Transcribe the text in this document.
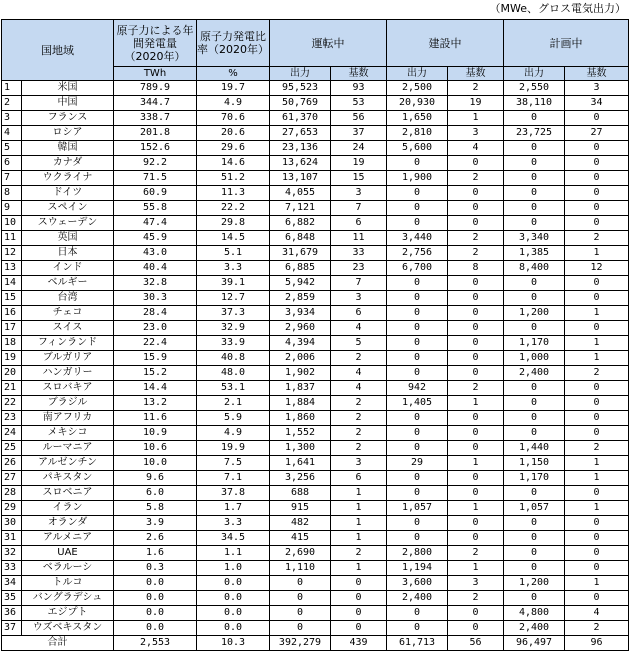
（MWe、グロス電気出力）
国地域		原子力による年間発電量（2020年）	原子力発電比率（2020年）	運転中		建設中		計画中	
		TWh	%	出力	基数	出力	基数	出力	基数
1	米国	789.9	19.7	95,523	93	2,500	2	2,550	3
2	中国	344.7	4.9	50,769	53	20,930	19	38,110	34
3	フランス	338.7	70.6	61,370	56	1,650	1	0	0
4	ロシア	201.8	20.6	27,653	37	2,810	3	23,725	27
5	韓国	152.6	29.6	23,136	24	5,600	4	0	0
6	カナダ	92.2	14.6	13,624	19	0	0	0	0
7	ウクライナ	71.5	51.2	13,107	15	1,900	2	0	0
8	ドイツ	60.9	11.3	4,055	3	0	0	0	0
9	スペイン	55.8	22.2	7,121	7	0	0	0	0
10	スウェーデン	47.4	29.8	6,882	6	0	0	0	0
11	英国	45.9	14.5	6,848	11	3,440	2	3,340	2
12	日本	43.0	5.1	31,679	33	2,756	2	1,385	1
13	インド	40.4	3.3	6,885	23	6,700	8	8,400	12
14	ベルギー	32.8	39.1	5,942	7	0	0	0	0
15	台湾	30.3	12.7	2,859	3	0	0	0	0
16	チェコ	28.4	37.3	3,934	6	0	0	1,200	1
17	スイス	23.0	32.9	2,960	4	0	0	0	0
18	フィンランド	22.4	33.9	4,394	5	0	0	1,170	1
19	ブルガリア	15.9	40.8	2,006	2	0	0	1,000	1
20	ハンガリー	15.2	48.0	1,902	4	0	0	2,400	2
21	スロバキア	14.4	53.1	1,837	4	942	2	0	0
22	ブラジル	13.2	2.1	1,884	2	1,405	1	0	0
23	南アフリカ	11.6	5.9	1,860	2	0	0	0	0
24	メキシコ	10.9	4.9	1,552	2	0	0	0	0
25	ルーマニア	10.6	19.9	1,300	2	0	0	1,440	2
26	アルゼンチン	10.0	7.5	1,641	3	29	1	1,150	1
27	パキスタン	9.6	7.1	3,256	6	0	0	1,170	1
28	スロベニア	6.0	37.8	688	1	0	0	0	0
29	イラン	5.8	1.7	915	1	1,057	1	1,057	1
30	オランダ	3.9	3.3	482	1	0	0	0	0
31	アルメニア	2.6	34.5	415	1	0	0	0	0
32	UAE	1.6	1.1	2,690	2	2,800	2	0	0
33	ベラルーシ	0.3	1.0	1,110	1	1,194	1	0	0
34	トルコ	0.0	0.0	0	0	3,600	3	1,200	1
35	バングラデシュ	0.0	0.0	0	0	2,400	2	0	0
36	エジプト	0.0	0.0	0	0	0	0	4,800	4
37	ウズベキスタン	0.0	0.0	0	0	0	0	2,400	2
合計		2,553	10.3	392,279	439	61,713	56	96,497	96
